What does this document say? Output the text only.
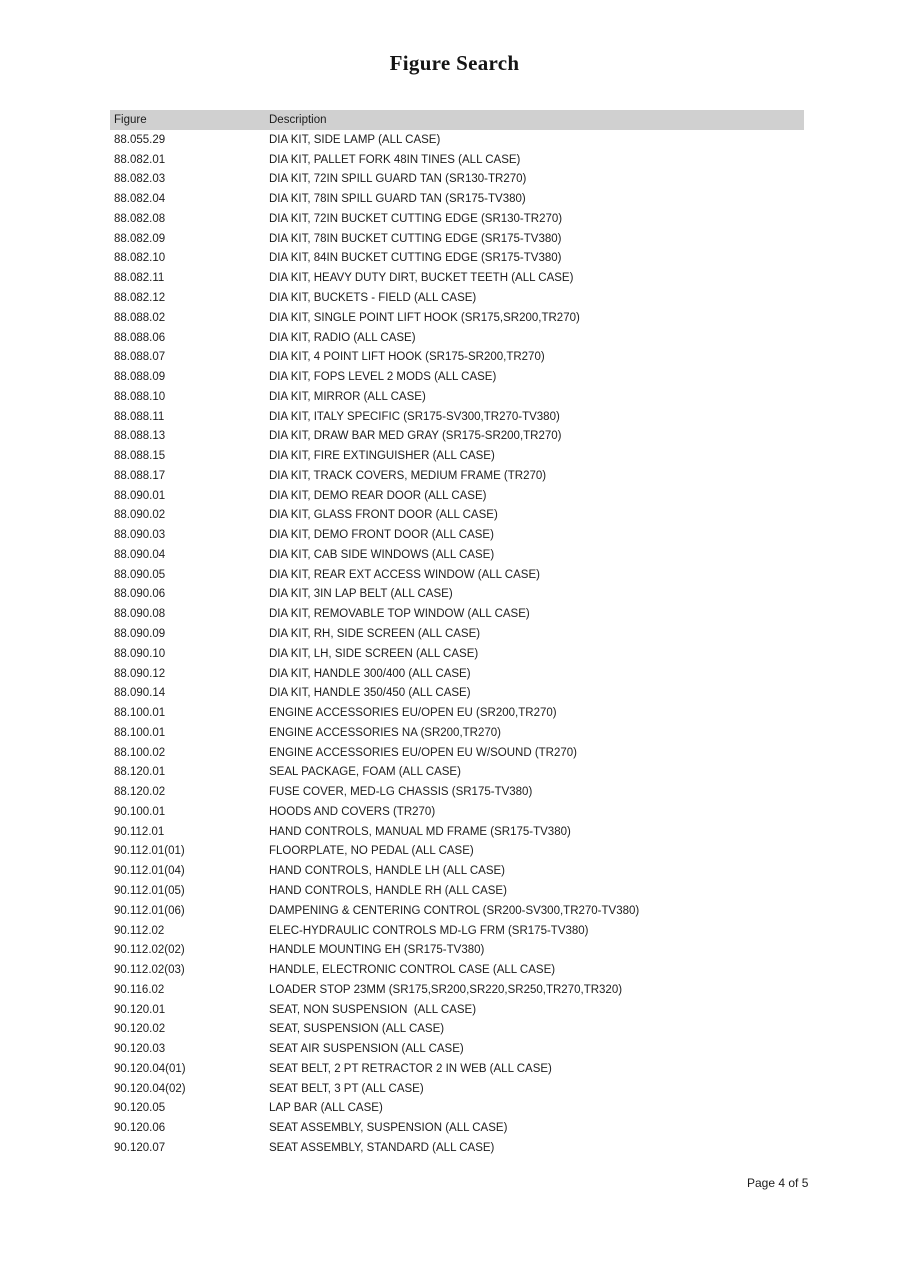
Figure Search
Figure	Description
88.055.29	DIA KIT, SIDE LAMP (ALL CASE)
88.082.01	DIA KIT, PALLET FORK 48IN TINES (ALL CASE)
88.082.03	DIA KIT, 72IN SPILL GUARD TAN (SR130-TR270)
88.082.04	DIA KIT, 78IN SPILL GUARD TAN (SR175-TV380)
88.082.08	DIA KIT, 72IN BUCKET CUTTING EDGE (SR130-TR270)
88.082.09	DIA KIT, 78IN BUCKET CUTTING EDGE (SR175-TV380)
88.082.10	DIA KIT, 84IN BUCKET CUTTING EDGE (SR175-TV380)
88.082.11	DIA KIT, HEAVY DUTY DIRT, BUCKET TEETH (ALL CASE)
88.082.12	DIA KIT, BUCKETS - FIELD (ALL CASE)
88.088.02	DIA KIT, SINGLE POINT LIFT HOOK (SR175,SR200,TR270)
88.088.06	DIA KIT, RADIO (ALL CASE)
88.088.07	DIA KIT, 4 POINT LIFT HOOK (SR175-SR200,TR270)
88.088.09	DIA KIT, FOPS LEVEL 2 MODS (ALL CASE)
88.088.10	DIA KIT, MIRROR (ALL CASE)
88.088.11	DIA KIT, ITALY SPECIFIC (SR175-SV300,TR270-TV380)
88.088.13	DIA KIT, DRAW BAR MED GRAY (SR175-SR200,TR270)
88.088.15	DIA KIT, FIRE EXTINGUISHER (ALL CASE)
88.088.17	DIA KIT, TRACK COVERS, MEDIUM FRAME (TR270)
88.090.01	DIA KIT, DEMO REAR DOOR (ALL CASE)
88.090.02	DIA KIT, GLASS FRONT DOOR (ALL CASE)
88.090.03	DIA KIT, DEMO FRONT DOOR (ALL CASE)
88.090.04	DIA KIT, CAB SIDE WINDOWS (ALL CASE)
88.090.05	DIA KIT, REAR EXT ACCESS WINDOW (ALL CASE)
88.090.06	DIA KIT, 3IN LAP BELT (ALL CASE)
88.090.08	DIA KIT, REMOVABLE TOP WINDOW (ALL CASE)
88.090.09	DIA KIT, RH, SIDE SCREEN (ALL CASE)
88.090.10	DIA KIT, LH, SIDE SCREEN (ALL CASE)
88.090.12	DIA KIT, HANDLE 300/400 (ALL CASE)
88.090.14	DIA KIT, HANDLE 350/450 (ALL CASE)
88.100.01	ENGINE ACCESSORIES EU/OPEN EU (SR200,TR270)
88.100.01	ENGINE ACCESSORIES NA (SR200,TR270)
88.100.02	ENGINE ACCESSORIES EU/OPEN EU W/SOUND (TR270)
88.120.01	SEAL PACKAGE, FOAM (ALL CASE)
88.120.02	FUSE COVER, MED-LG CHASSIS (SR175-TV380)
90.100.01	HOODS AND COVERS (TR270)
90.112.01	HAND CONTROLS, MANUAL MD FRAME (SR175-TV380)
90.112.01(01)	FLOORPLATE, NO PEDAL (ALL CASE)
90.112.01(04)	HAND CONTROLS, HANDLE LH (ALL CASE)
90.112.01(05)	HAND CONTROLS, HANDLE RH (ALL CASE)
90.112.01(06)	DAMPENING & CENTERING CONTROL (SR200-SV300,TR270-TV380)
90.112.02	ELEC-HYDRAULIC CONTROLS MD-LG FRM (SR175-TV380)
90.112.02(02)	HANDLE MOUNTING EH (SR175-TV380)
90.112.02(03)	HANDLE, ELECTRONIC CONTROL CASE (ALL CASE)
90.116.02	LOADER STOP 23MM (SR175,SR200,SR220,SR250,TR270,TR320)
90.120.01	SEAT, NON SUSPENSION  (ALL CASE)
90.120.02	SEAT, SUSPENSION (ALL CASE)
90.120.03	SEAT AIR SUSPENSION (ALL CASE)
90.120.04(01)	SEAT BELT, 2 PT RETRACTOR 2 IN WEB (ALL CASE)
90.120.04(02)	SEAT BELT, 3 PT (ALL CASE)
90.120.05	LAP BAR (ALL CASE)
90.120.06	SEAT ASSEMBLY, SUSPENSION (ALL CASE)
90.120.07	SEAT ASSEMBLY, STANDARD (ALL CASE)
Page 4 of 5
